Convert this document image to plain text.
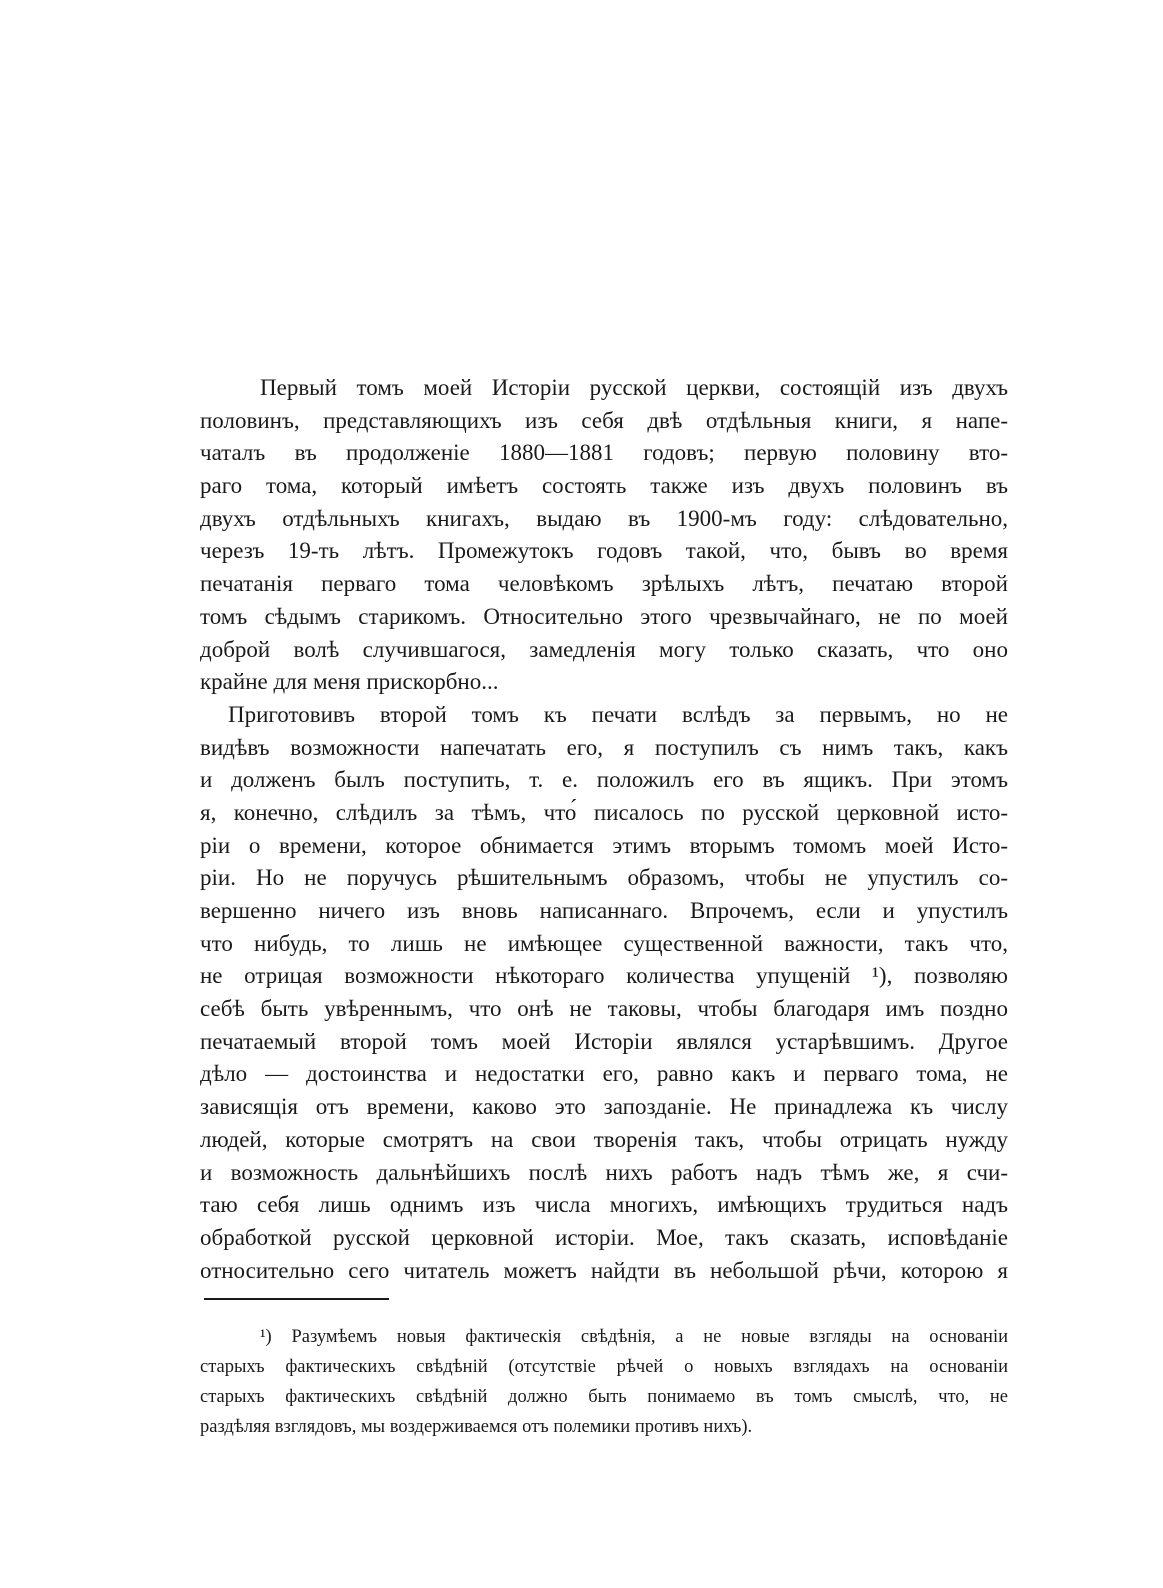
Первый томъ моей Исторіи русской церкви, состоящій изъ двухъ
половинъ, представляющихъ изъ себя двѣ отдѣльныя книги, я напе-
чаталъ въ продолженіе 1880—1881 годовъ; первую половину вто-
раго тома, который имѣетъ состоять также изъ двухъ половинъ въ
двухъ отдѣльныхъ книгахъ, выдаю въ 1900-мъ году: слѣдовательно,
черезъ 19-ть лѣтъ. Промежутокъ годовъ такой, что, бывъ во время
печатанія перваго тома человѣкомъ зрѣлыхъ лѣтъ, печатаю второй
томъ сѣдымъ старикомъ. Относительно этого чрезвычайнаго, не по моей
доброй волѣ случившагося, замедленія могу только сказать, что оно
крайне для меня прискорбно...
Приготовивъ второй томъ къ печати вслѣдъ за первымъ, но не
видѣвъ возможности напечатать его, я поступилъ съ нимъ такъ, какъ
и долженъ былъ поступить, т. е. положилъ его въ ящикъ. При этомъ
я, конечно, слѣдилъ за тѣмъ, что́ писалось по русской церковной исто-
ріи о времени, которое обнимается этимъ вторымъ томомъ моей Исто-
ріи. Но не поручусь рѣшительнымъ образомъ, чтобы не упустилъ со-
вершенно ничего изъ вновь написаннаго. Впрочемъ, если и упустилъ
что нибудь, то лишь не имѣющее существенной важности, такъ что,
не отрицая возможности нѣкотораго количества упущеній ¹), позволяю
себѣ быть увѣреннымъ, что онѣ не таковы, чтобы благодаря имъ поздно
печатаемый второй томъ моей Исторіи являлся устарѣвшимъ. Другое
дѣло — достоинства и недостатки его, равно какъ и перваго тома, не
зависящія отъ времени, каково это запозданіе. Не принадлежа къ числу
людей, которые смотрятъ на свои творенія такъ, чтобы отрицать нужду
и возможность дальнѣйшихъ послѣ нихъ работъ надъ тѣмъ же, я счи-
таю себя лишь однимъ изъ числа многихъ, имѣющихъ трудиться надъ
обработкой русской церковной исторіи. Мое, такъ сказать, исповѣданіе
относительно сего читатель можетъ найдти въ небольшой рѣчи, которою я
¹) Разумѣемъ новыя фактическія свѣдѣнія, а не новые взгляды на основаніи
старыхъ фактическихъ свѣдѣній (отсутствіе рѣчей о новыхъ взглядахъ на основаніи
старыхъ фактическихъ свѣдѣній должно быть понимаемо въ томъ смыслѣ, что, не
раздѣляя взглядовъ, мы воздерживаемся отъ полемики противъ нихъ).
